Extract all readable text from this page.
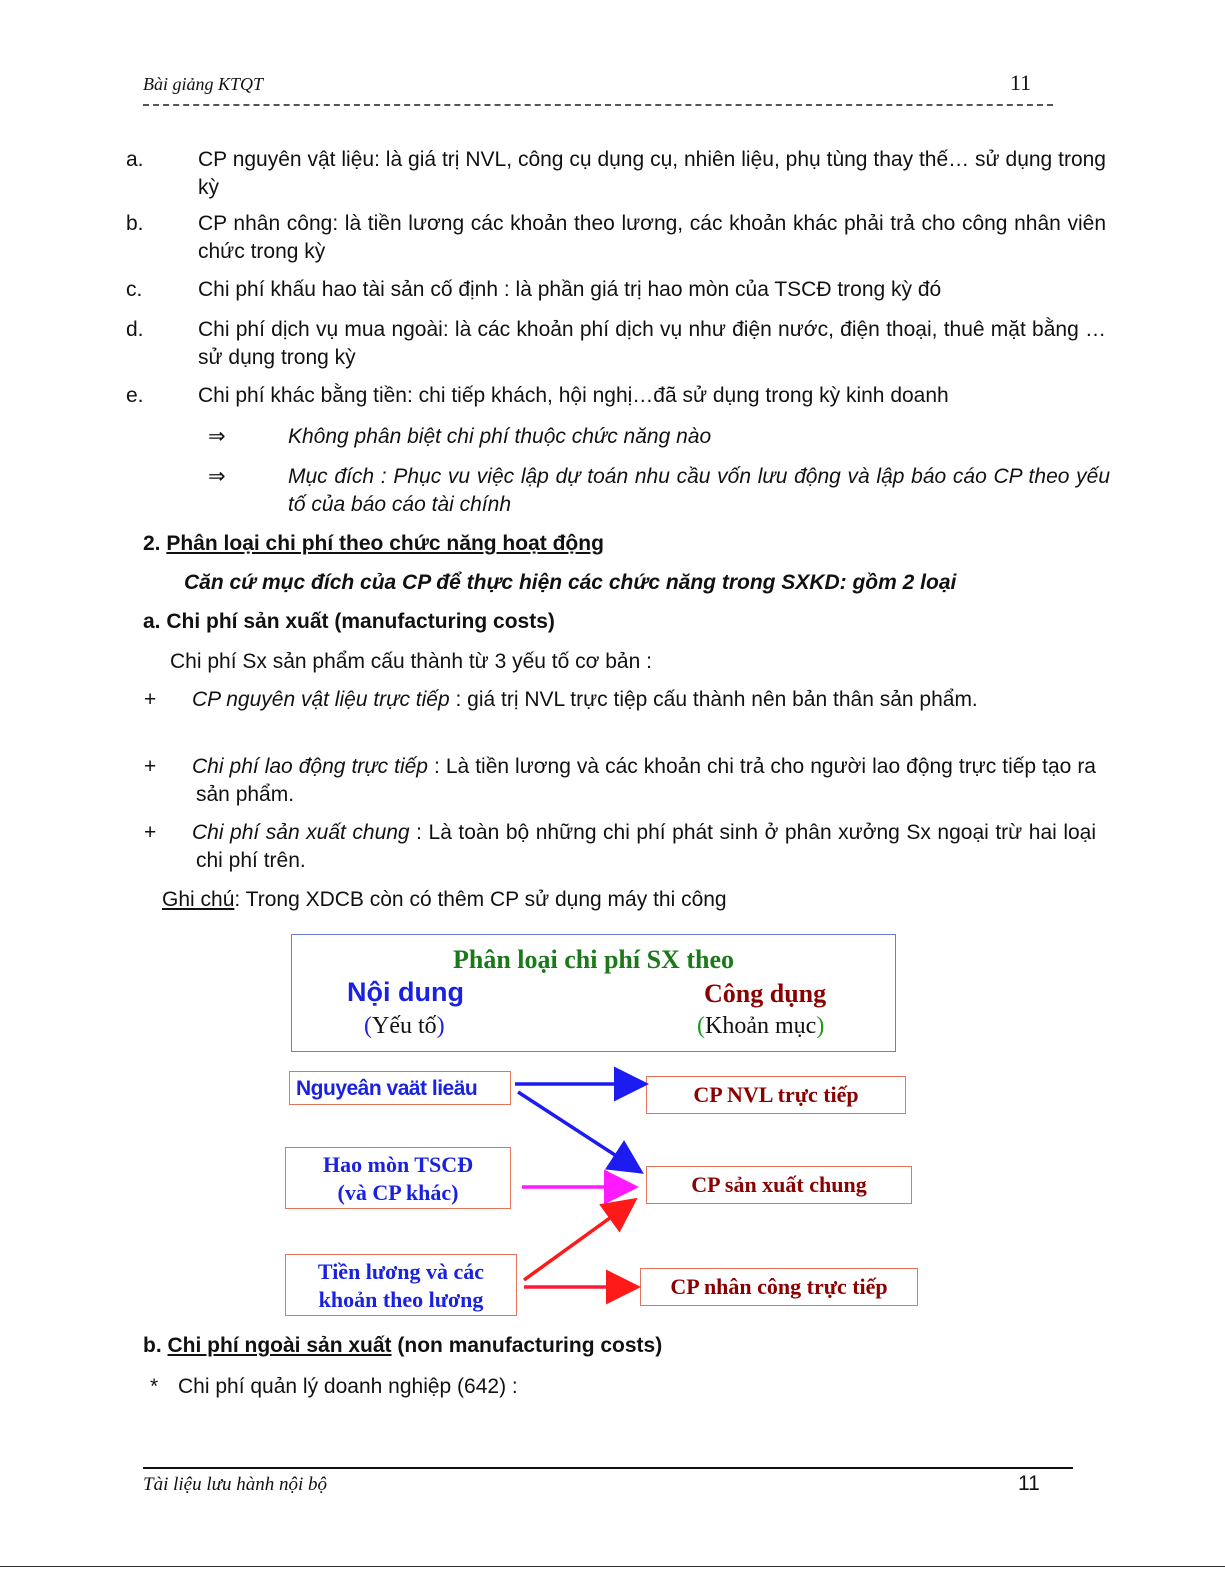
Bài giảng KTQT	11
a.	CP nguyên vật liệu: là giá trị NVL, công cụ dụng cụ, nhiên liệu, phụ tùng thay thế… sử dụng trong kỳ
b.	CP nhân công: là tiền lương các khoản theo lương, các khoản khác phải trả cho công nhân viên chức trong kỳ
c.	Chi phí khấu hao tài sản cố định : là phần giá trị hao mòn của TSCĐ trong kỳ đó
d.	Chi phí dịch vụ mua ngoài: là các khoản phí dịch vụ như điện nước, điện thoại, thuê mặt bằng …sử dụng trong kỳ
e.	Chi phí khác bằng tiền: chi tiếp khách, hội nghị…đã sử dụng trong kỳ kinh doanh
⇒	Không phân biệt chi phí thuộc chức năng nào
⇒	Mục đích : Phục vu việc lập dự toán nhu cầu vốn lưu động và lập báo cáo CP theo yếu tố của báo cáo tài chính
2. Phân loại chi phí theo chức năng hoạt động
Căn cứ mục đích của CP để thực hiện các chức năng trong SXKD: gồm 2 loại
a. Chi phí sản xuất (manufacturing costs)
Chi phí Sx sản phẩm cấu thành từ 3 yếu tố cơ bản :
+ CP nguyên vật liệu trực tiếp : giá trị NVL trực tiệp cấu thành nên bản thân sản phẩm.
+ Chi phí lao động trực tiếp : Là tiền lương và các khoản chi trả cho người lao động trực tiếp tạo ra sản phẩm.
+ Chi phí sản xuất chung : Là toàn bộ những chi phí phát sinh ở phân xưởng Sx ngoại trừ hai loại chi phí trên.
Ghi chú: Trong XDCB còn có thêm CP sử dụng máy thi công
Phân loại chi phí SX theo
Nội dung
(Yếu tố)
Công dụng
(Khoản mục)
Nguyeân vaät lieäu
Hao mòn TSCĐ
(và CP khác)
Tiền lương và các
khoản theo lương
CP NVL trực tiếp
CP sản xuất chung
CP nhân công trực tiếp
b. Chi phí ngoài sản xuất (non manufacturing costs)
* Chi phí quản lý doanh nghiệp (642) :
Tài liệu lưu hành nội bộ	11
